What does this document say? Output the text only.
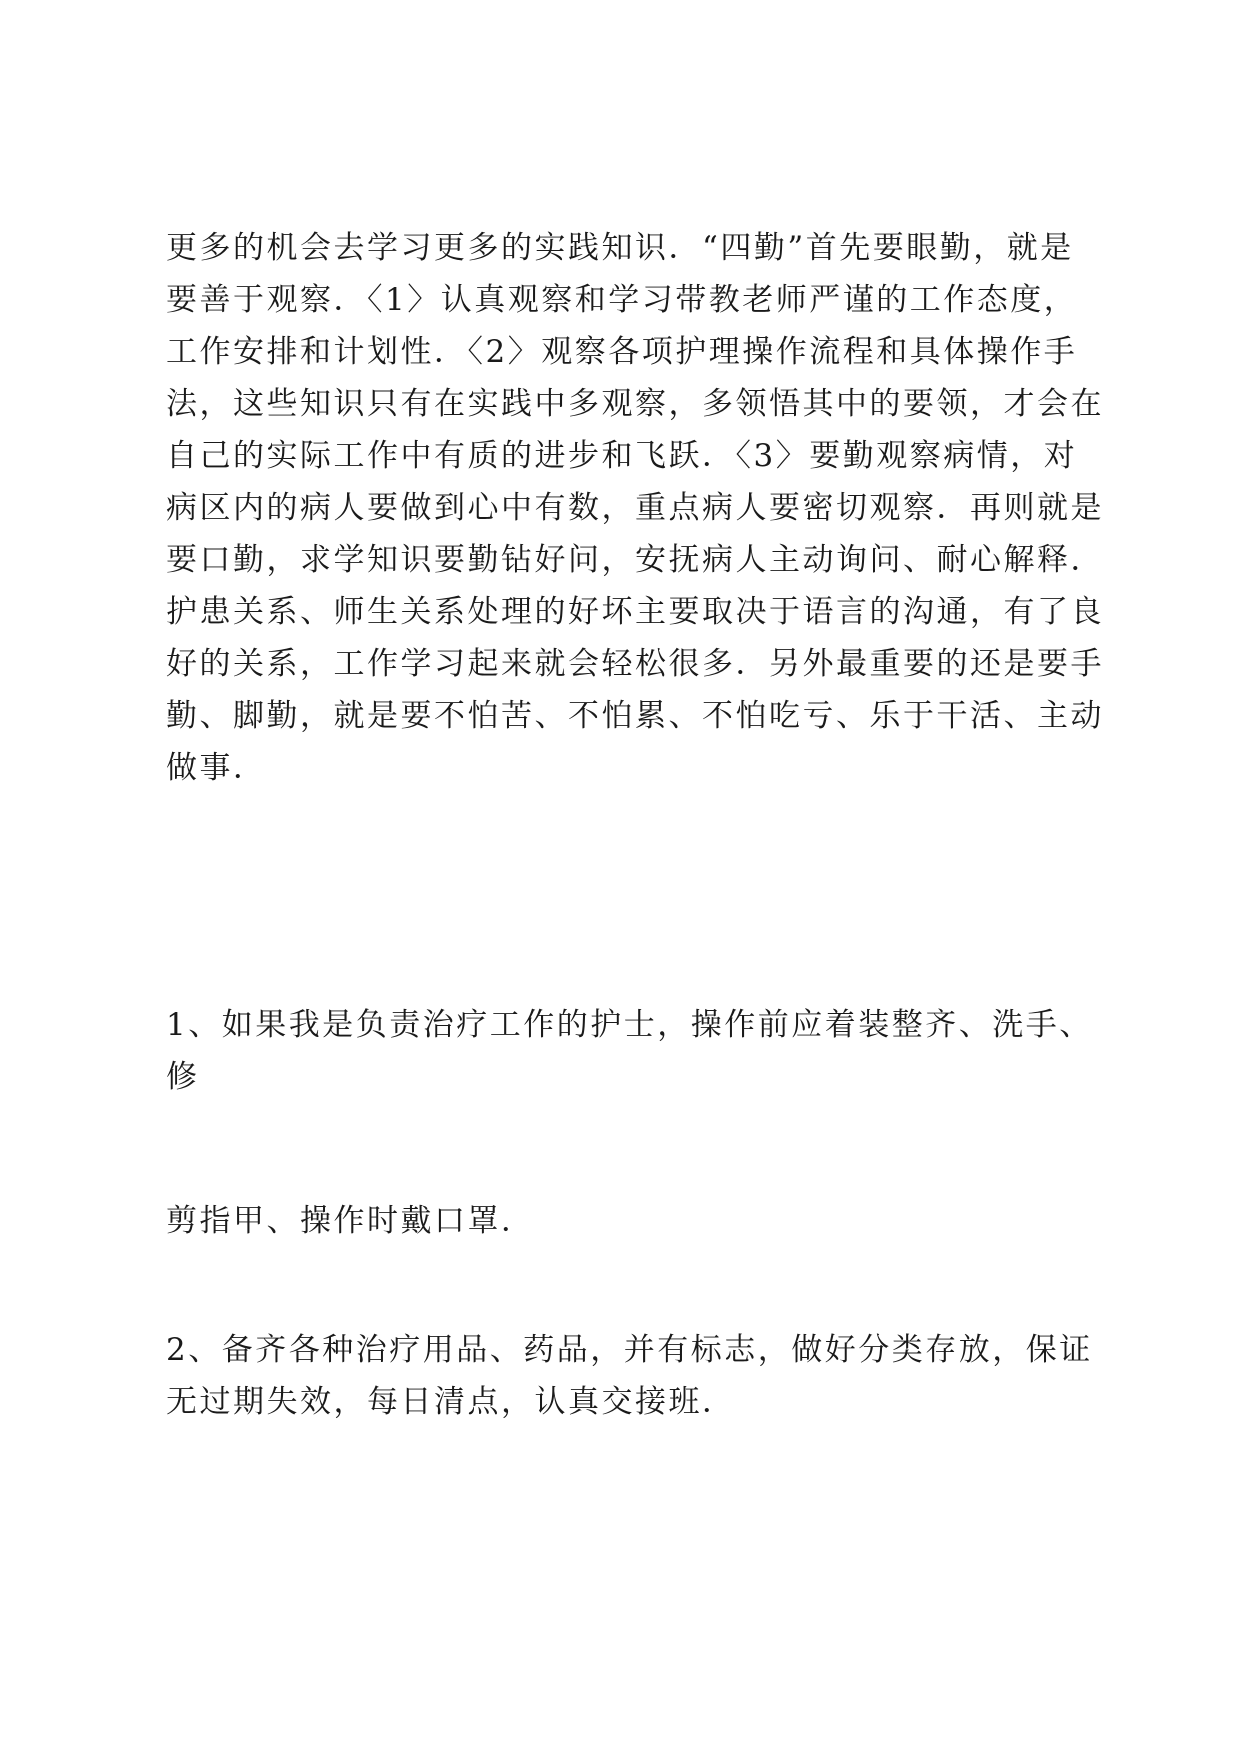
更多的机会去学习更多的实践知识．“四勤”首先要眼勤，就是
要善于观察．〈1〉认真观察和学习带教老师严谨的工作态度，
工作安排和计划性．〈2〉观察各项护理操作流程和具体操作手
法，这些知识只有在实践中多观察，多领悟其中的要领，才会在
自己的实际工作中有质的进步和飞跃．〈3〉要勤观察病情，对
病区内的病人要做到心中有数，重点病人要密切观察．再则就是
要口勤，求学知识要勤钻好问，安抚病人主动询问、耐心解释．
护患关系、师生关系处理的好坏主要取决于语言的沟通，有了良
好的关系，工作学习起来就会轻松很多．另外最重要的还是要手
勤、脚勤，就是要不怕苦、不怕累、不怕吃亏、乐于干活、主动
做事．
1、如果我是负责治疗工作的护士，操作前应着装整齐、洗手、
修
剪指甲、操作时戴口罩．
2、备齐各种治疗用品、药品，并有标志，做好分类存放，保证
无过期失效，每日清点，认真交接班．
